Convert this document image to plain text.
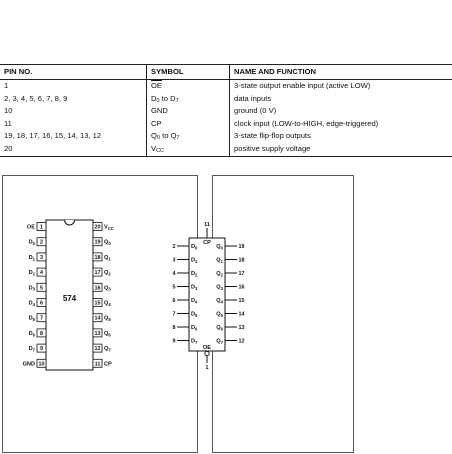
PIN NO.	SYMBOL	NAME AND FUNCTION
1	$\overline{OE}$	3-state output enable input (active LOW)
2, 3, 4, 5, 6, 7, 8, 9	$D_0$ to $D_7$	data inputs
10	GND	ground (0 V)
11	CP	clock input (LOW-to-HIGH, edge-triggered)
19, 18, 17, 16, 15, 14, 13, 12	$Q_0$ to $Q_7$	3-state flip-flop outputs
20	$V_{CC}$	positive supply voltage
574
1
OE
2
$D_0$
3
$D_1$
4
$D_2$
5
$D_3$
6
$D_4$
7
$D_5$
8
$D_6$
9
$D_7$
10
GND
20 $V_{CC}$
19 $Q_0$
18 $Q_1$
17 $Q_2$
16 $Q_3$
15 $Q_4$
14 $Q_5$
13 $Q_6$
12 $Q_7$
11 CP
11
CP
OE
1
2	$D_0$
3	$D_1$
4	$D_2$
5	$D_3$
6	$D_4$
7	$D_5$
8	$D_6$
9	$D_7$
19
$Q_0$
18
$Q_1$
17
$Q_2$
16
$Q_3$
15
$Q_4$
14
$Q_5$
13
$Q_6$
12
$Q_7$
